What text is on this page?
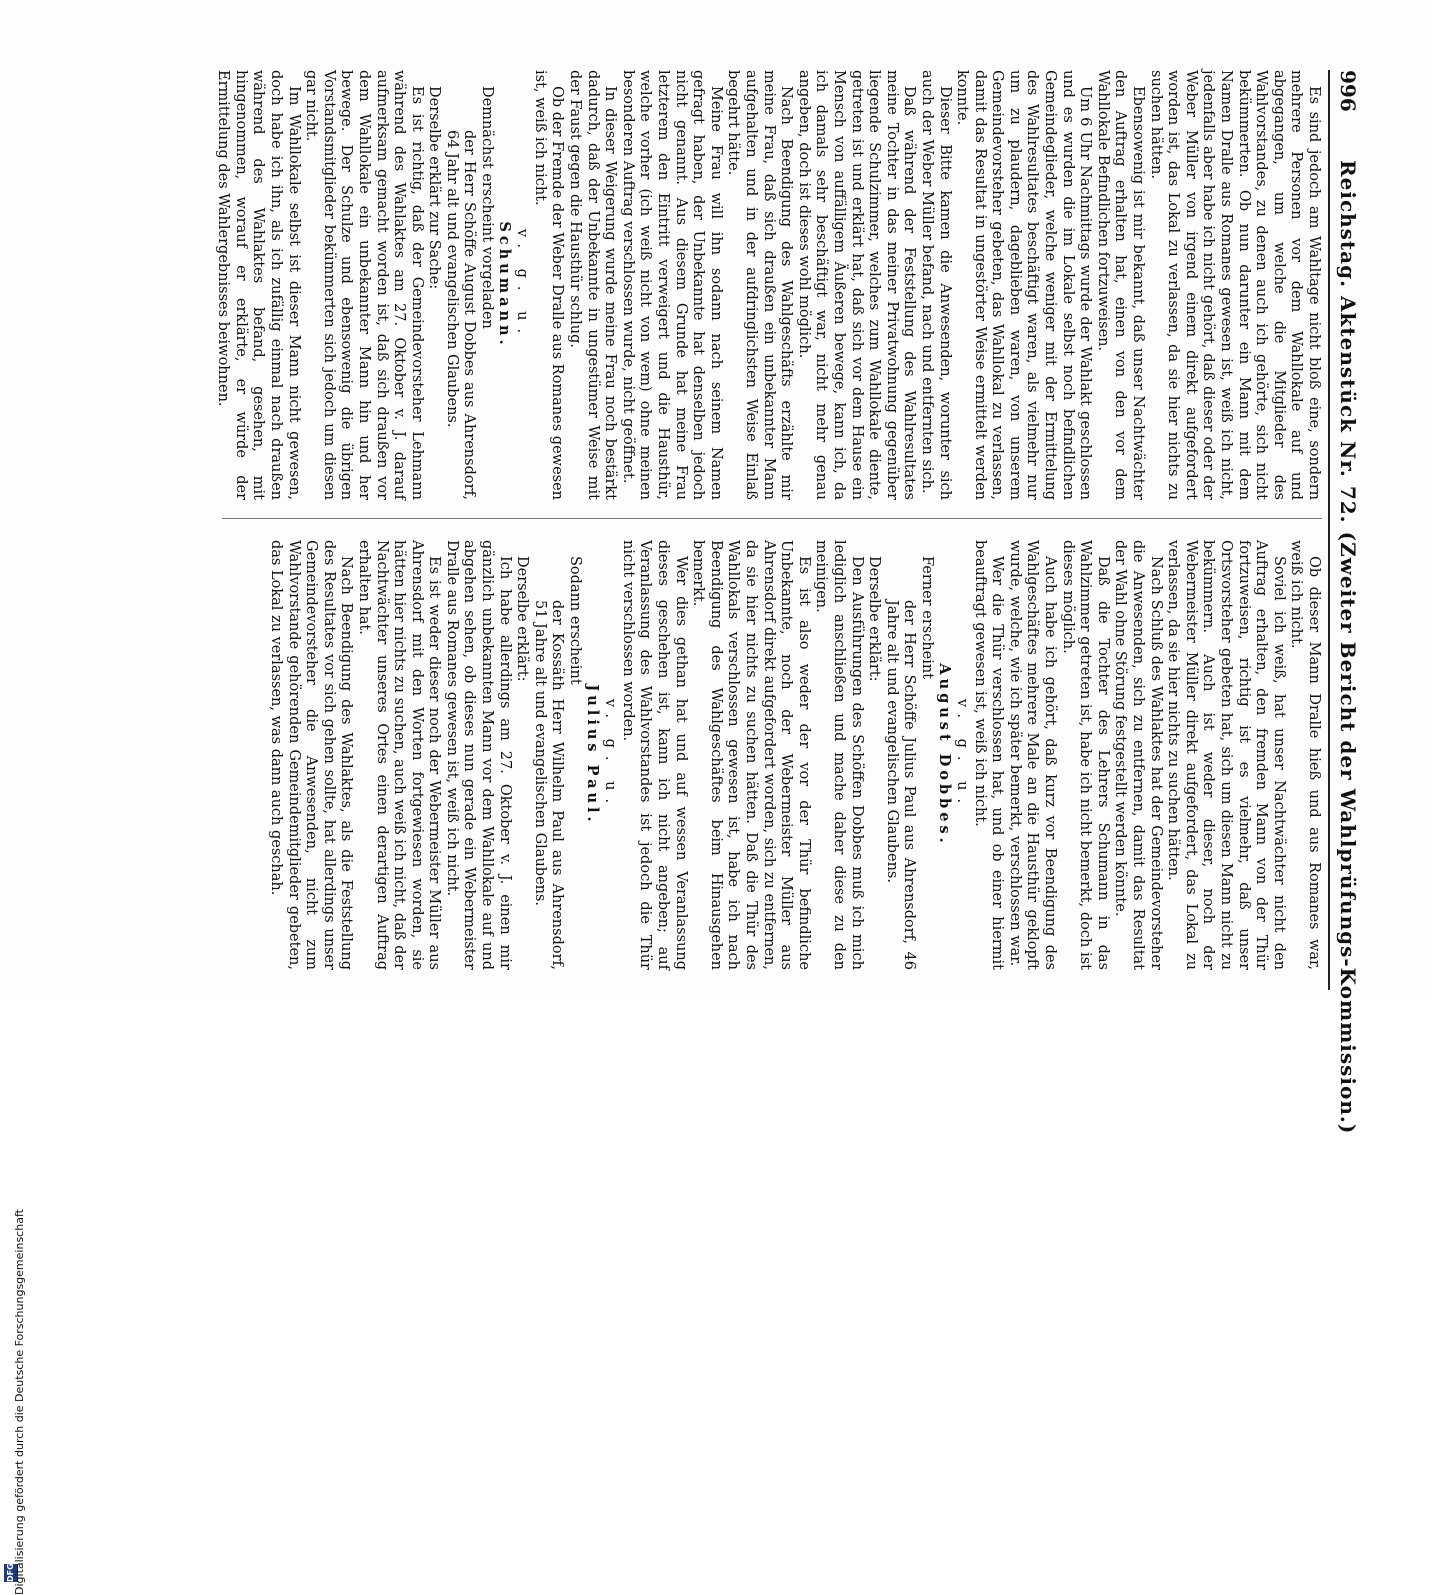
996
Reichstag. Aktenstück Nr. 72. (Zweiter Bericht der Wahlprüfungs-Kommission.)

Es sind jedoch am Wahltage nicht bloß eine, sondern mehrere Personen vor dem Wahllokale auf und abgegangen, um welche die Mitglieder des Wahlvorstandes, zu denen auch ich gehörte, sich nicht bekümmerten. Ob nun darunter ein Mann mit dem Namen Dralle aus Romanes gewesen ist, weiß ich nicht, jedenfalls aber habe ich nicht gehört, daß dieser oder der Weber Müller von irgend einem direkt aufgefordert worden ist, das Lokal zu verlassen, da sie hier nichts zu suchen hätten.

Ebensowenig ist mir bekannt, daß unser Nachtwächter den Auftrag erhalten hat, einen von den vor dem Wahllokale Befindlichen fortzuweisen.

Um 6 Uhr Nachmittags wurde der Wahlakt geschlossen und es wurden die im Lokale selbst noch befindlichen Gemeindeglieder, welche weniger mit der Ermittelung des Wahlresultates beschäftigt waren, als vielmehr nur um zu plaudern, dageblieben waren, von unserem Gemeindevorsteher gebeten, das Wahllokal zu verlassen, damit das Resultat in ungestörter Weise ermittelt werden konnte.

Dieser Bitte kamen die Anwesenden, worunter sich auch der Weber Müller befand, nach und entfernten sich.

Daß während der Feststellung des Wahlresultates meine Tochter in das meiner Privatwohnung gegenüber liegende Schulzimmer, welches zum Wahllokale diente, getreten ist und erklärt hat, daß sich vor dem Hause ein Mensch von auffälligem Äußeren bewege, kann ich, da ich damals sehr beschäftigt war, nicht mehr genau angeben, doch ist dieses wohl möglich.

Nach Beendigung des Wahlgeschäfts erzählte mir meine Frau, daß sich draußen ein unbekannter Mann aufgehalten und in der aufdringlichsten Weise Einlaß begehrt hätte.

Meine Frau will ihn sodann nach seinem Namen gefragt haben, der Unbekannte hat denselben jedoch nicht genannt. Aus diesem Grunde hat meine Frau letzterem den Eintritt verweigert und die Hausthür, welche vorher (ich weiß nicht von wem) ohne meinen besonderen Auftrag verschlossen wurde, nicht geöffnet.

In dieser Weigerung wurde meine Frau noch bestärkt dadurch, daß der Unbekannte in ungestümer Weise mit der Faust gegen die Hausthür schlug.

Ob der Fremde der Weber Dralle aus Romanes gewesen ist, weiß ich nicht.

v. g. u.

Schumann.

Demnächst erscheint vorgeladen

der Herr Schöffe August Dobbes aus Ahrensdorf, 64 Jahr alt und evangelischen Glaubens.

Derselbe erklärt zur Sache:

Es ist richtig, daß der Gemeindevorsteher Lehmann während des Wahlaktes am 27. Oktober v. J. darauf aufmerksam gemacht worden ist, daß sich draußen vor dem Wahllokale ein unbekannter Mann hin und her bewege. Der Schulze und ebensowenig die übrigen Vorstandsmitglieder bekümmerten sich jedoch um diesen gar nicht.

Im Wahllokale selbst ist dieser Mann nicht gewesen, doch habe ich ihn, als ich zufällig einmal nach draußen während des Wahlaktes befand, gesehen, mit hingenommen, worauf er erklärte, er würde der Ermittelung des Wahlergebnisses beiwohnen.

Ob dieser Mann Dralle hieß und aus Romanes war, weiß ich nicht.

Soviel ich weiß, hat unser Nachtwächter nicht den Auftrag erhalten, den fremden Mann von der Thür fortzuweisen, richtig ist es vielmehr, daß unser Ortsvorsteher gebeten hat, sich um diesen Mann nicht zu bekümmern. Auch ist weder dieser, noch der Webermeister Müller direkt aufgefordert, das Lokal zu verlassen, da sie hier nichts zu suchen hätten.

Nach Schluß des Wahlaktes hat der Gemeindevorsteher die Anwesenden, sich zu entfernen, damit das Resultat der Wahl ohne Störung festgestellt werden könnte.

Daß die Tochter des Lehrers Schumann in das Wahlzimmer getreten ist, habe ich nicht bemerkt, doch ist dieses möglich.

Auch habe ich gehört, daß kurz vor Beendigung des Wahlgeschäftes mehrere Male an die Hausthür geklopft wurde, welche, wie ich später bemerkt, verschlossen war.

Wer die Thür verschlossen hat, und ob einer hiermit beauftragt gewesen ist, weiß ich nicht.

v. g. u.

August Dobbes.

Ferner erscheint

der Herr Schöffe Julius Paul aus Ahrensdorf, 46 Jahre alt und evangelischen Glaubens.

Derselbe erklärt:

Den Ausführungen des Schöffen Dobbes muß ich mich lediglich anschließen und mache daher diese zu den meinigen.

Es ist also weder der vor der Thür befindliche Unbekannte, noch der Webermeister Müller aus Ahrensdorf direkt aufgefordert worden, sich zu entfernen, da sie hier nichts zu suchen hätten. Daß die Thür des Wahllokals verschlossen gewesen ist, habe ich nach Beendigung des Wahlgeschäftes beim Hinausgehen bemerkt.

Wer dies gethan hat und auf wessen Veranlassung dieses geschehen ist, kann ich nicht angeben; auf Veranlassung des Wahlvorstandes ist jedoch die Thür nicht verschlossen worden.

v. g. u.

Julius Paul.

Sodann erscheint

der Kossäth Herr Wilhelm Paul aus Ahrensdorf, 51 Jahre alt und evangelischen Glaubens.

Derselbe erklärt:

Ich habe allerdings am 27. Oktober v. J. einen mir gänzlich unbekannten Mann vor dem Wahllokale auf und abgehen sehen, ob dieses nun gerade ein Webermeister Dralle aus Romanes gewesen ist, weiß ich nicht.

Es ist weder dieser noch der Webermeister Müller aus Ahrensdorf mit den Worten fortgewiesen worden, sie hätten hier nichts zu suchen, auch weiß ich nicht, daß der Nachtwächter unseres Ortes einen derartigen Auftrag erhalten hat.

Nach Beendigung des Wahlaktes, als die Feststellung des Resultates vor sich gehen sollte, hat allerdings unser Gemeindevorsteher die Anwesenden, nicht zum Wahlvorstande gehörenden Gemeindemitglieder gebeten, das Lokal zu verlassen, was dann auch geschah.

DFG
Digitalisierung gefördert durch die Deutsche Forschungsgemeinschaft
